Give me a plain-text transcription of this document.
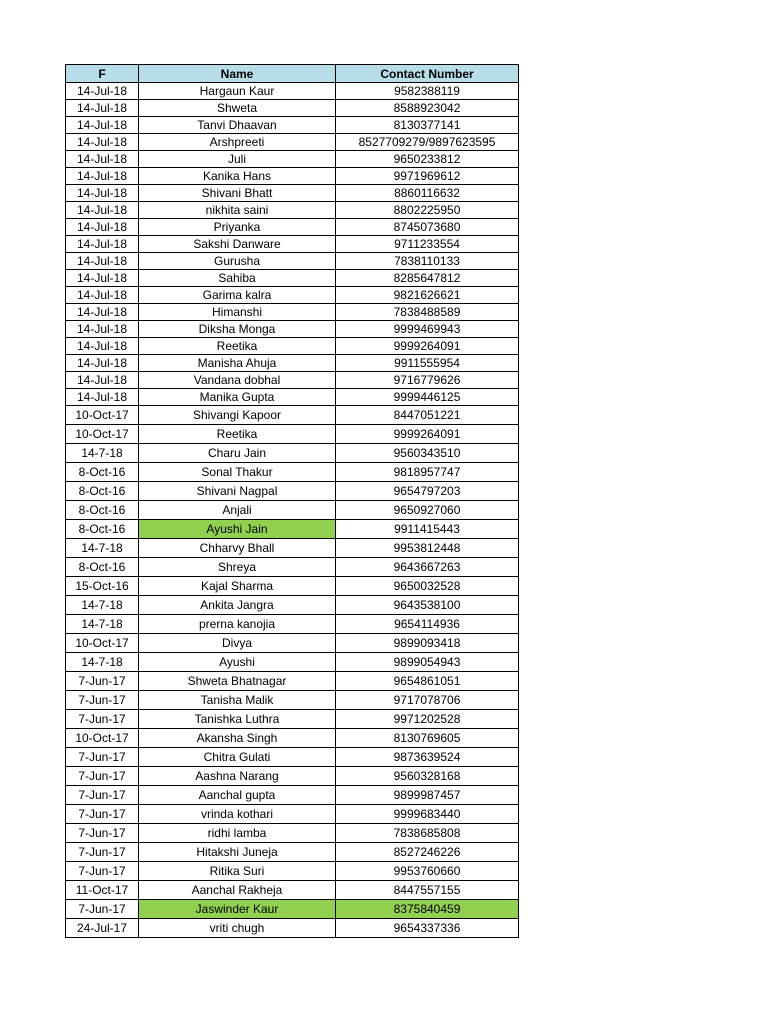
F	Name	Contact Number
14-Jul-18	Hargaun Kaur	9582388119
14-Jul-18	Shweta	8588923042
14-Jul-18	Tanvi Dhaavan	8130377141
14-Jul-18	Arshpreeti	8527709279/9897623595
14-Jul-18	Juli	9650233812
14-Jul-18	Kanika Hans	9971969612
14-Jul-18	Shivani Bhatt	8860116632
14-Jul-18	nikhita saini	8802225950
14-Jul-18	Priyanka	8745073680
14-Jul-18	Sakshi Danware	9711233554
14-Jul-18	Gurusha	7838110133
14-Jul-18	Sahiba	8285647812
14-Jul-18	Garima kalra	9821626621
14-Jul-18	Himanshi	7838488589
14-Jul-18	Diksha Monga	9999469943
14-Jul-18	Reetika	9999264091
14-Jul-18	Manisha Ahuja	9911555954
14-Jul-18	Vandana dobhal	9716779626
14-Jul-18	Manika Gupta	9999446125
10-Oct-17	Shivangi Kapoor	8447051221
10-Oct-17	Reetika	9999264091
14-7-18	Charu Jain	9560343510
8-Oct-16	Sonal Thakur	9818957747
8-Oct-16	Shivani Nagpal	9654797203
8-Oct-16	Anjali	9650927060
8-Oct-16	Ayushi Jain	9911415443
14-7-18	Chharvy Bhall	9953812448
8-Oct-16	Shreya	9643667263
15-Oct-16	Kajal Sharma	9650032528
14-7-18	Ankita Jangra	9643538100
14-7-18	prerna kanojia	9654114936
10-Oct-17	Divya	9899093418
14-7-18	Ayushi	9899054943
7-Jun-17	Shweta Bhatnagar	9654861051
7-Jun-17	Tanisha Malik	9717078706
7-Jun-17	Tanishka Luthra	9971202528
10-Oct-17	Akansha Singh	8130769605
7-Jun-17	Chitra Gulati	9873639524
7-Jun-17	Aashna Narang	9560328168
7-Jun-17	Aanchal gupta	9899987457
7-Jun-17	vrinda kothari	9999683440
7-Jun-17	ridhi lamba	7838685808
7-Jun-17	Hitakshi Juneja	8527246226
7-Jun-17	Ritika Suri	9953760660
11-Oct-17	Aanchal Rakheja	8447557155
7-Jun-17	Jaswinder Kaur	8375840459
24-Jul-17	vriti chugh	9654337336
